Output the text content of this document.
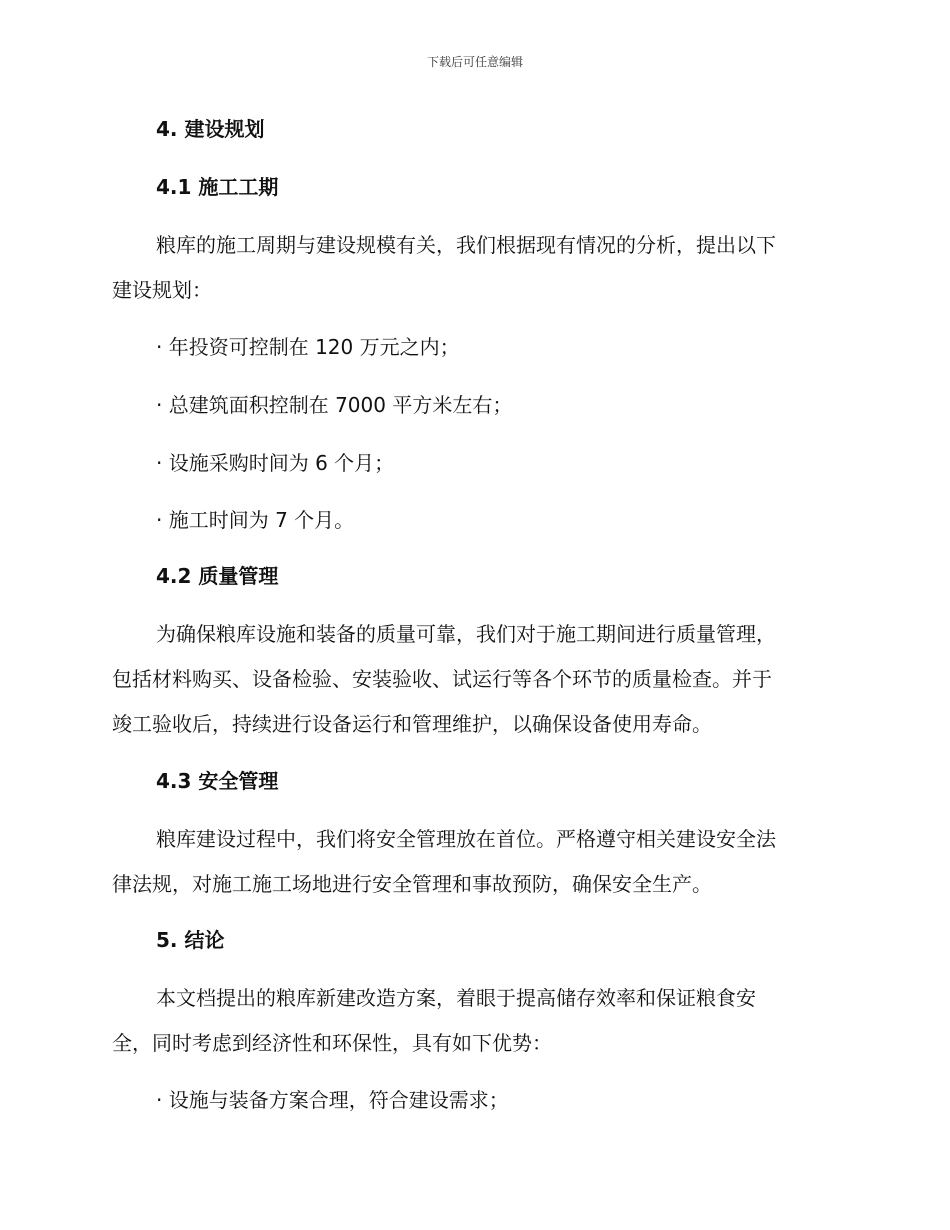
下载后可任意编辑
4. 建设规划
4.1 施工工期
粮库的施工周期与建设规模有关，我们根据现有情况的分析，提出以下
建设规划：
· 年投资可控制在 120 万元之内；
· 总建筑面积控制在 7000 平方米左右；
· 设施采购时间为 6 个月；
· 施工时间为 7 个月。
4.2 质量管理
为确保粮库设施和装备的质量可靠，我们对于施工期间进行质量管理，
包括材料购买、设备检验、安装验收、试运行等各个环节的质量检查。并于
竣工验收后，持续进行设备运行和管理维护，以确保设备使用寿命。
4.3 安全管理
粮库建设过程中，我们将安全管理放在首位。严格遵守相关建设安全法
律法规，对施工施工场地进行安全管理和事故预防，确保安全生产。
5. 结论
本文档提出的粮库新建改造方案，着眼于提高储存效率和保证粮食安
全，同时考虑到经济性和环保性，具有如下优势：
· 设施与装备方案合理，符合建设需求；
